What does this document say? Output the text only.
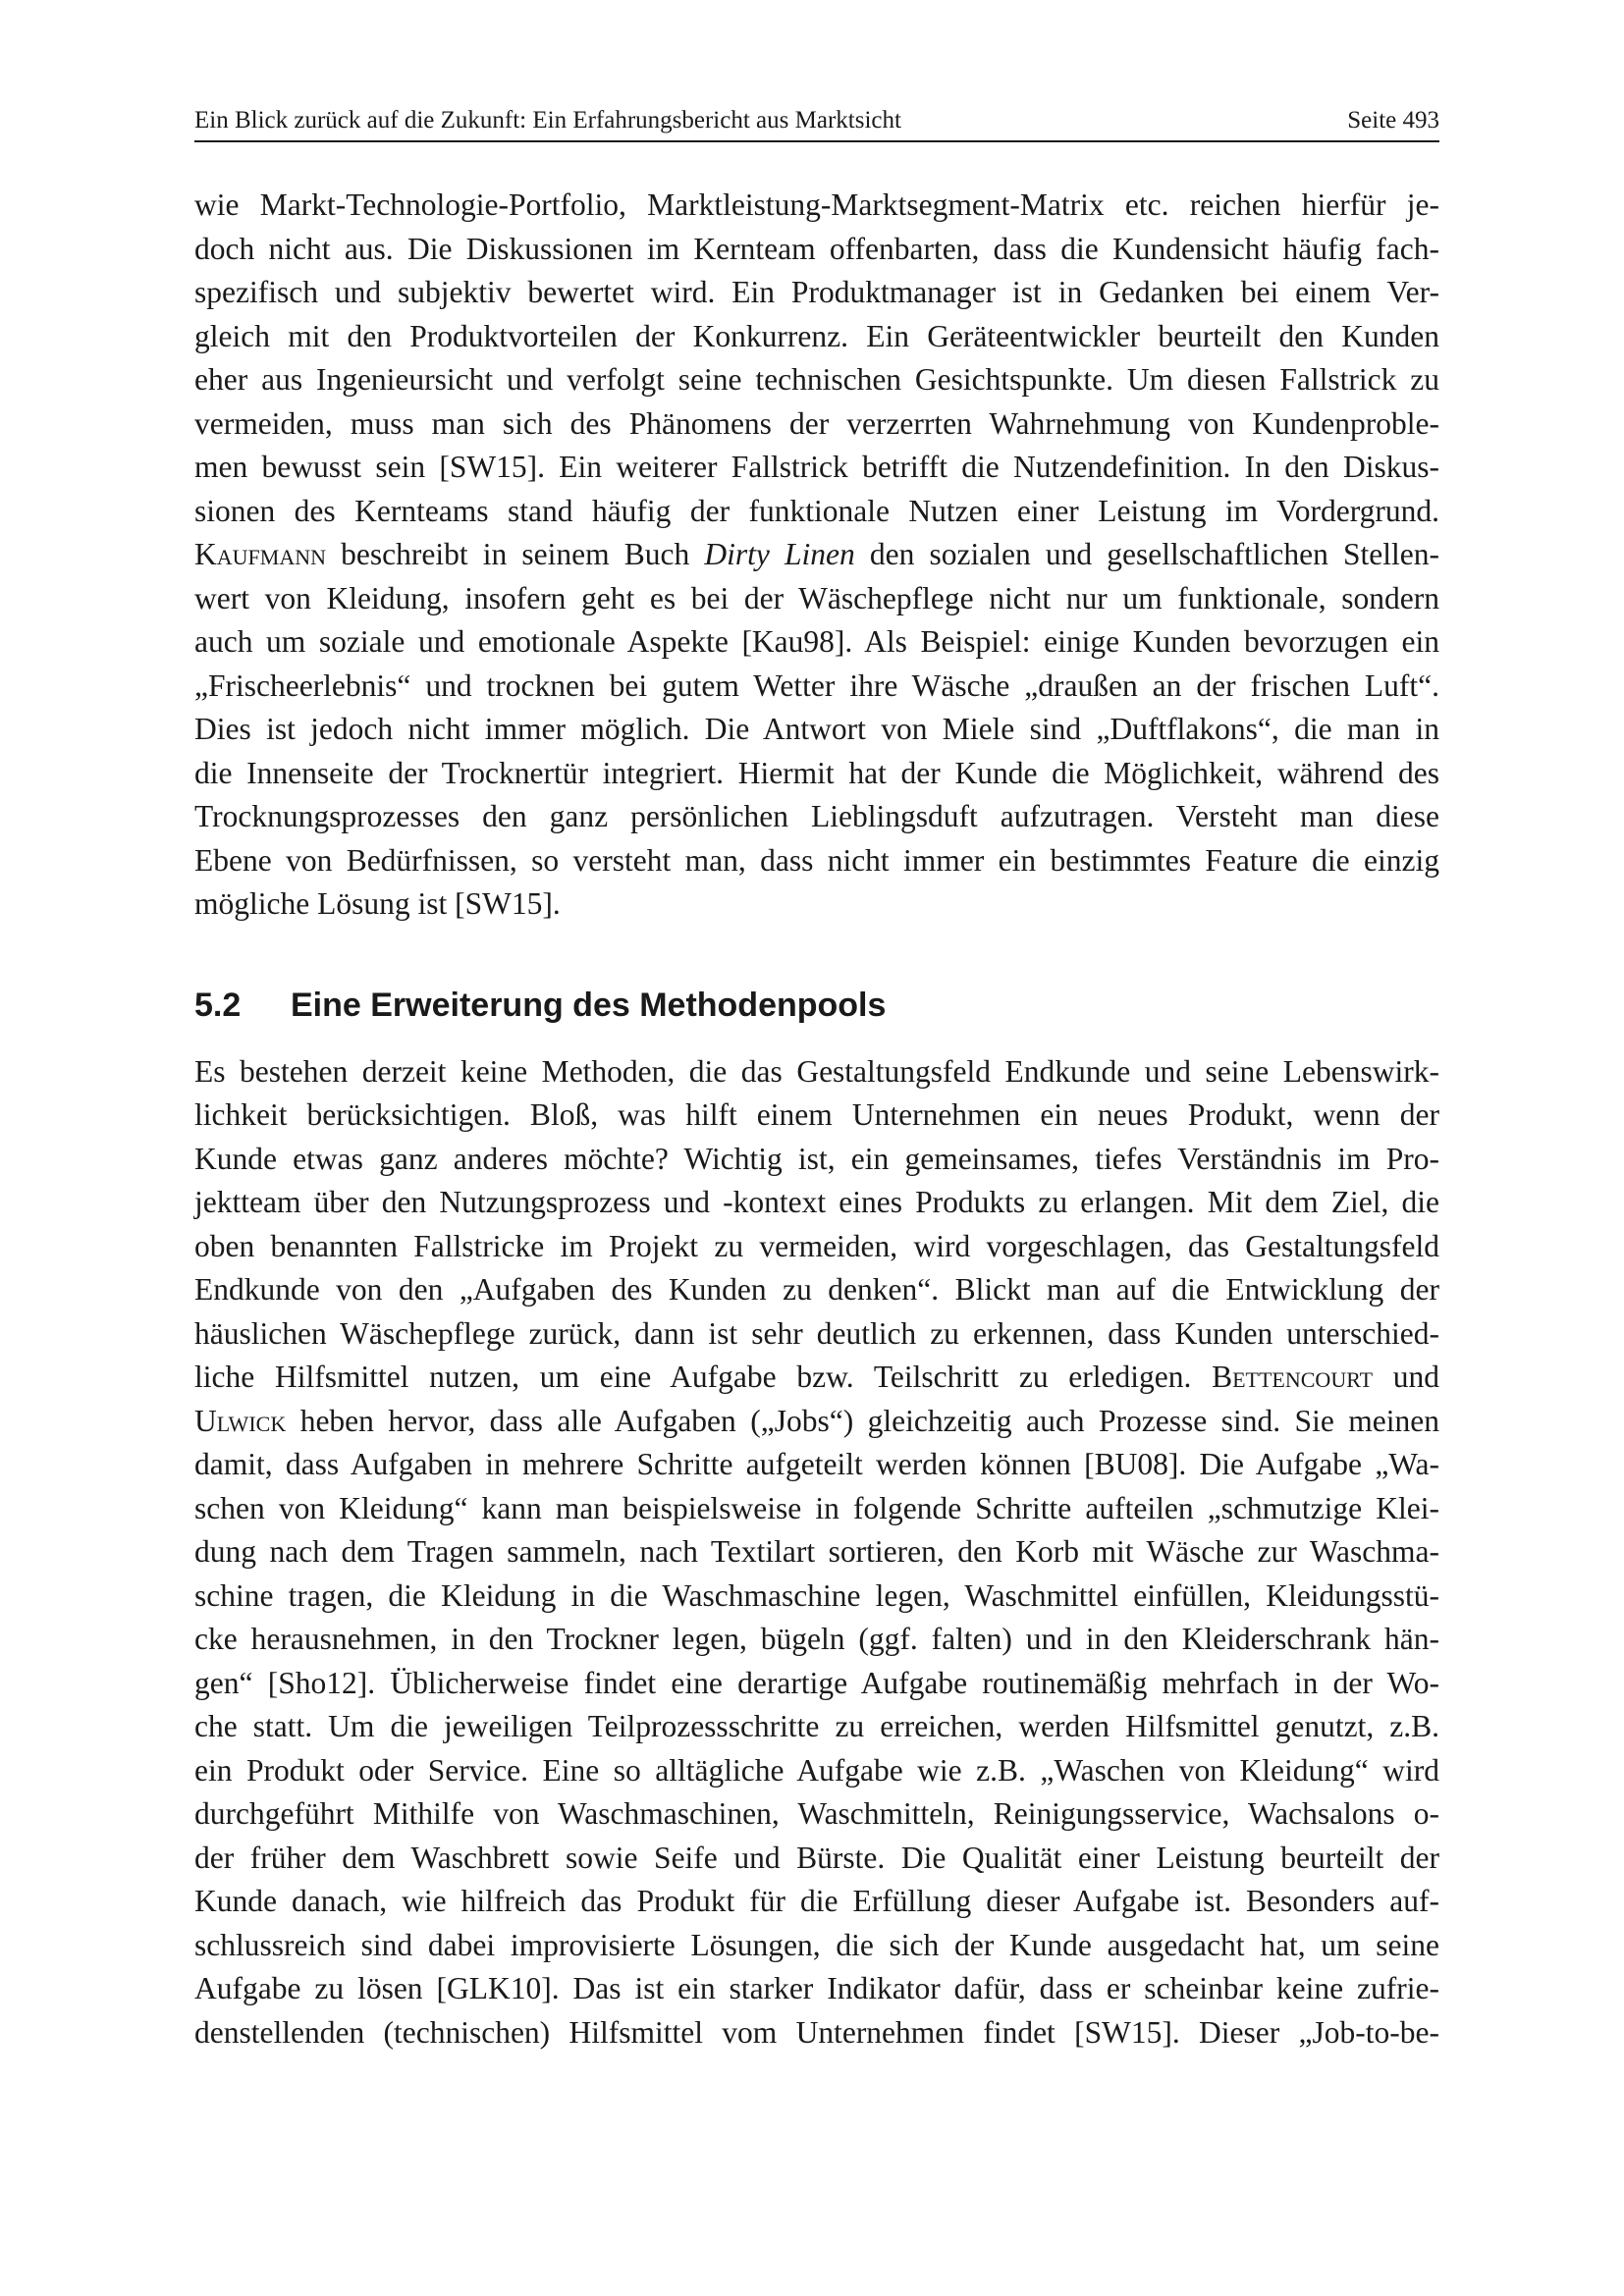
Ein Blick zurück auf die Zukunft: Ein Erfahrungsbericht aus Marktsicht	Seite 493
wie Markt-Technologie-Portfolio, Marktleistung-Marktsegment-Matrix etc. reichen hierfür je-
doch nicht aus. Die Diskussionen im Kernteam offenbarten, dass die Kundensicht häufig fach-
spezifisch und subjektiv bewertet wird. Ein Produktmanager ist in Gedanken bei einem Ver-
gleich mit den Produktvorteilen der Konkurrenz. Ein Geräteentwickler beurteilt den Kunden
eher aus Ingenieursicht und verfolgt seine technischen Gesichtspunkte. Um diesen Fallstrick zu
vermeiden, muss man sich des Phänomens der verzerrten Wahrnehmung von Kundenproble-
men bewusst sein [SW15]. Ein weiterer Fallstrick betrifft die Nutzendefinition. In den Diskus-
sionen des Kernteams stand häufig der funktionale Nutzen einer Leistung im Vordergrund.
Kaufmann beschreibt in seinem Buch Dirty Linen den sozialen und gesellschaftlichen Stellen-
wert von Kleidung, insofern geht es bei der Wäschepflege nicht nur um funktionale, sondern
auch um soziale und emotionale Aspekte [Kau98]. Als Beispiel: einige Kunden bevorzugen ein
„Frischeerlebnis“ und trocknen bei gutem Wetter ihre Wäsche „draußen an der frischen Luft“.
Dies ist jedoch nicht immer möglich. Die Antwort von Miele sind „Duftflakons“, die man in
die Innenseite der Trocknertür integriert. Hiermit hat der Kunde die Möglichkeit, während des
Trocknungsprozesses den ganz persönlichen Lieblingsduft aufzutragen. Versteht man diese
Ebene von Bedürfnissen, so versteht man, dass nicht immer ein bestimmtes Feature die einzig
mögliche Lösung ist [SW15].
5.2	Eine Erweiterung des Methodenpools
Es bestehen derzeit keine Methoden, die das Gestaltungsfeld Endkunde und seine Lebenswirk-
lichkeit berücksichtigen. Bloß, was hilft einem Unternehmen ein neues Produkt, wenn der
Kunde etwas ganz anderes möchte? Wichtig ist, ein gemeinsames, tiefes Verständnis im Pro-
jektteam über den Nutzungsprozess und -kontext eines Produkts zu erlangen. Mit dem Ziel, die
oben benannten Fallstricke im Projekt zu vermeiden, wird vorgeschlagen, das Gestaltungsfeld
Endkunde von den „Aufgaben des Kunden zu denken“. Blickt man auf die Entwicklung der
häuslichen Wäschepflege zurück, dann ist sehr deutlich zu erkennen, dass Kunden unterschied-
liche Hilfsmittel nutzen, um eine Aufgabe bzw. Teilschritt zu erledigen. Bettencourt und
Ulwick heben hervor, dass alle Aufgaben („Jobs“) gleichzeitig auch Prozesse sind. Sie meinen
damit, dass Aufgaben in mehrere Schritte aufgeteilt werden können [BU08]. Die Aufgabe „Wa-
schen von Kleidung“ kann man beispielsweise in folgende Schritte aufteilen „schmutzige Klei-
dung nach dem Tragen sammeln, nach Textilart sortieren, den Korb mit Wäsche zur Waschma-
schine tragen, die Kleidung in die Waschmaschine legen, Waschmittel einfüllen, Kleidungsstü-
cke herausnehmen, in den Trockner legen, bügeln (ggf. falten) und in den Kleiderschrank hän-
gen“ [Sho12]. Üblicherweise findet eine derartige Aufgabe routinemäßig mehrfach in der Wo-
che statt. Um die jeweiligen Teilprozessschritte zu erreichen, werden Hilfsmittel genutzt, z.B.
ein Produkt oder Service. Eine so alltägliche Aufgabe wie z.B. „Waschen von Kleidung“ wird
durchgeführt Mithilfe von Waschmaschinen, Waschmitteln, Reinigungsservice, Wachsalons o-
der früher dem Waschbrett sowie Seife und Bürste. Die Qualität einer Leistung beurteilt der
Kunde danach, wie hilfreich das Produkt für die Erfüllung dieser Aufgabe ist. Besonders auf-
schlussreich sind dabei improvisierte Lösungen, die sich der Kunde ausgedacht hat, um seine
Aufgabe zu lösen [GLK10]. Das ist ein starker Indikator dafür, dass er scheinbar keine zufrie-
denstellenden (technischen) Hilfsmittel vom Unternehmen findet [SW15]. Dieser „Job-to-be-
